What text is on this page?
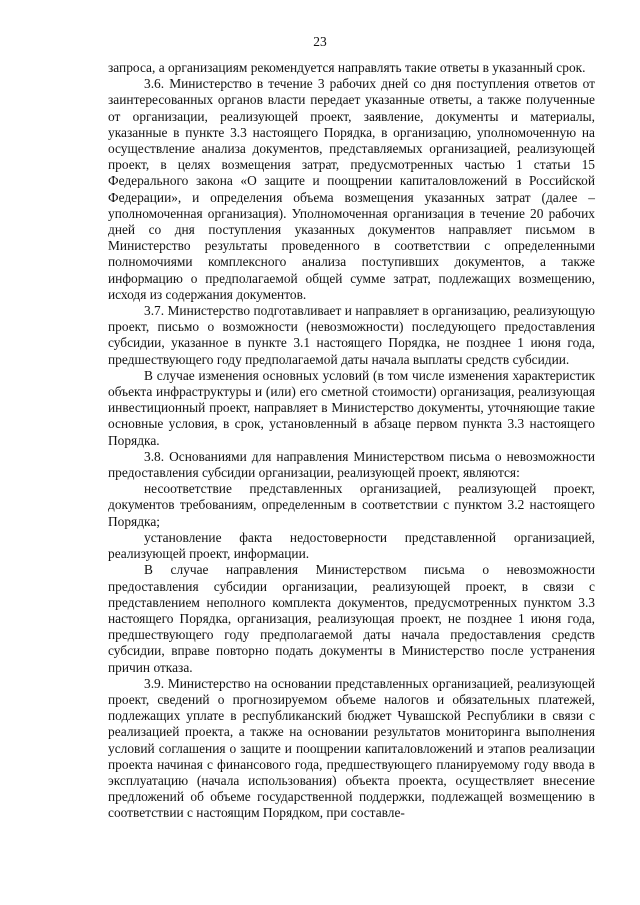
23

запроса, а организациям рекомендуется направлять такие ответы в указанный срок.

3.6. Министерство в течение 3 рабочих дней со дня поступления ответов от заинтересованных органов власти передает указанные ответы, а также полученные от организации, реализующей проект, заявление, документы и материалы, указанные в пункте 3.3 настоящего Порядка, в организацию, уполномоченную на осуществление анализа документов, представляемых организацией, реализующей проект, в целях возмещения затрат, предусмотренных частью 1 статьи 15 Федерального закона «О защите и поощрении капиталовложений в Российской Федерации», и определения объема возмещения указанных затрат (далее – уполномоченная организация). Уполномоченная организация в течение 20 рабочих дней со дня поступления указанных документов направляет письмом в Министерство результаты проведенного в соответствии с определенными полномочиями комплексного анализа поступивших документов, а также информацию о предполагаемой общей сумме затрат, подлежащих возмещению, исходя из содержания документов.

3.7. Министерство подготавливает и направляет в организацию, реализующую проект, письмо о возможности (невозможности) последующего предоставления субсидии, указанное в пункте 3.1 настоящего Порядка, не позднее 1 июня года, предшествующего году предполагаемой даты начала выплаты средств субсидии.

В случае изменения основных условий (в том числе изменения характеристик объекта инфраструктуры и (или) его сметной стоимости) организация, реализующая инвестиционный проект, направляет в Министерство документы, уточняющие такие основные условия, в срок, установленный в абзаце первом пункта 3.3 настоящего Порядка.

3.8. Основаниями для направления Министерством письма о невозможности предоставления субсидии организации, реализующей проект, являются:

несоответствие представленных организацией, реализующей проект, документов требованиям, определенным в соответствии с пунктом 3.2 настоящего Порядка;

установление факта недостоверности представленной организацией, реализующей проект, информации.

В случае направления Министерством письма о невозможности предоставления субсидии организации, реализующей проект, в связи с представлением неполного комплекта документов, предусмотренных пунктом 3.3 настоящего Порядка, организация, реализующая проект, не позднее 1 июня года, предшествующего году предполагаемой даты начала предоставления средств субсидии, вправе повторно подать документы в Министерство после устранения причин отказа.

3.9. Министерство на основании представленных организацией, реализующей проект, сведений о прогнозируемом объеме налогов и обязательных платежей, подлежащих уплате в республиканский бюджет Чувашской Республики в связи с реализацией проекта, а также на основании результатов мониторинга выполнения условий соглашения о защите и поощрении капиталовложений и этапов реализации проекта начиная с финансового года, предшествующего планируемому году ввода в эксплуатацию (начала использования) объекта проекта, осуществляет внесение предложений об объеме государственной поддержки, подлежащей возмещению в соответствии с настоящим Порядком, при составле-
